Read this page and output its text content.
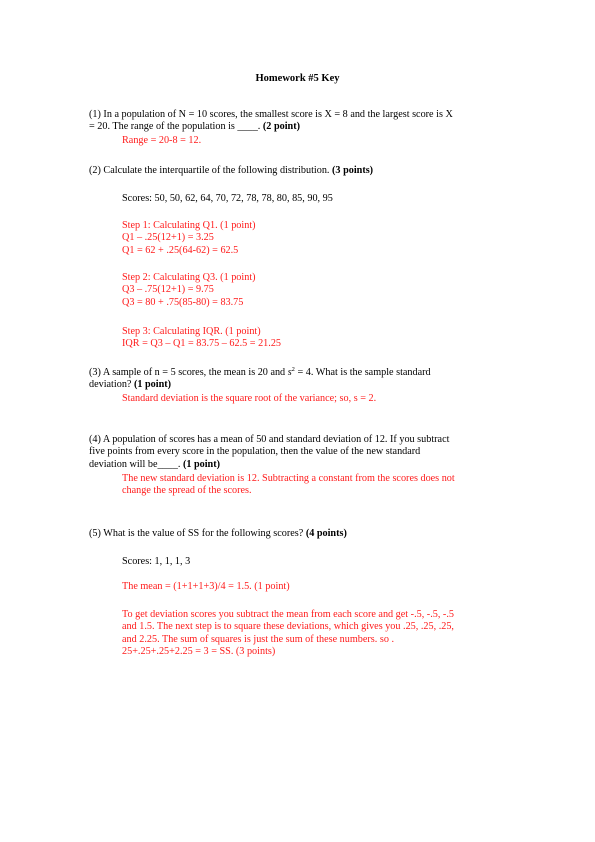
Homework #5 Key
(1) In a population of N = 10 scores, the smallest score is X = 8 and the largest score is X
= 20. The range of the population is ____. (2 point)
Range = 20-8 = 12.
(2) Calculate the interquartile of the following distribution. (3 points)
Scores: 50, 50, 62, 64, 70, 72, 78, 78, 80, 85, 90, 95
Step 1: Calculating Q1. (1 point)
Q1 – .25(12+1) = 3.25
Q1 = 62 + .25(64-62) = 62.5
Step 2: Calculating Q3. (1 point)
Q3 – .75(12+1) = 9.75
Q3 = 80 + .75(85-80) = 83.75
Step 3: Calculating IQR. (1 point)
IQR = Q3 – Q1 = 83.75 – 62.5 = 21.25
(3) A sample of n = 5 scores, the mean is 20 and $s^2 = 4$. What is the sample standard
deviation? (1 point)
Standard deviation is the square root of the variance; so, s = 2.
(4) A population of scores has a mean of 50 and standard deviation of 12. If you subtract
five points from every score in the population, then the value of the new standard
deviation will be____. (1 point)
The new standard deviation is 12. Subtracting a constant from the scores does not
change the spread of the scores.
(5) What is the value of SS for the following scores? (4 points)
Scores: 1, 1, 1, 3
The mean = (1+1+1+3)/4 = 1.5. (1 point)
To get deviation scores you subtract the mean from each score and get -.5, -.5, -.5
and 1.5. The next step is to square these deviations, which gives you .25, .25, .25,
and 2.25. The sum of squares is just the sum of these numbers. so .
25+.25+.25+2.25 = 3 = SS. (3 points)
